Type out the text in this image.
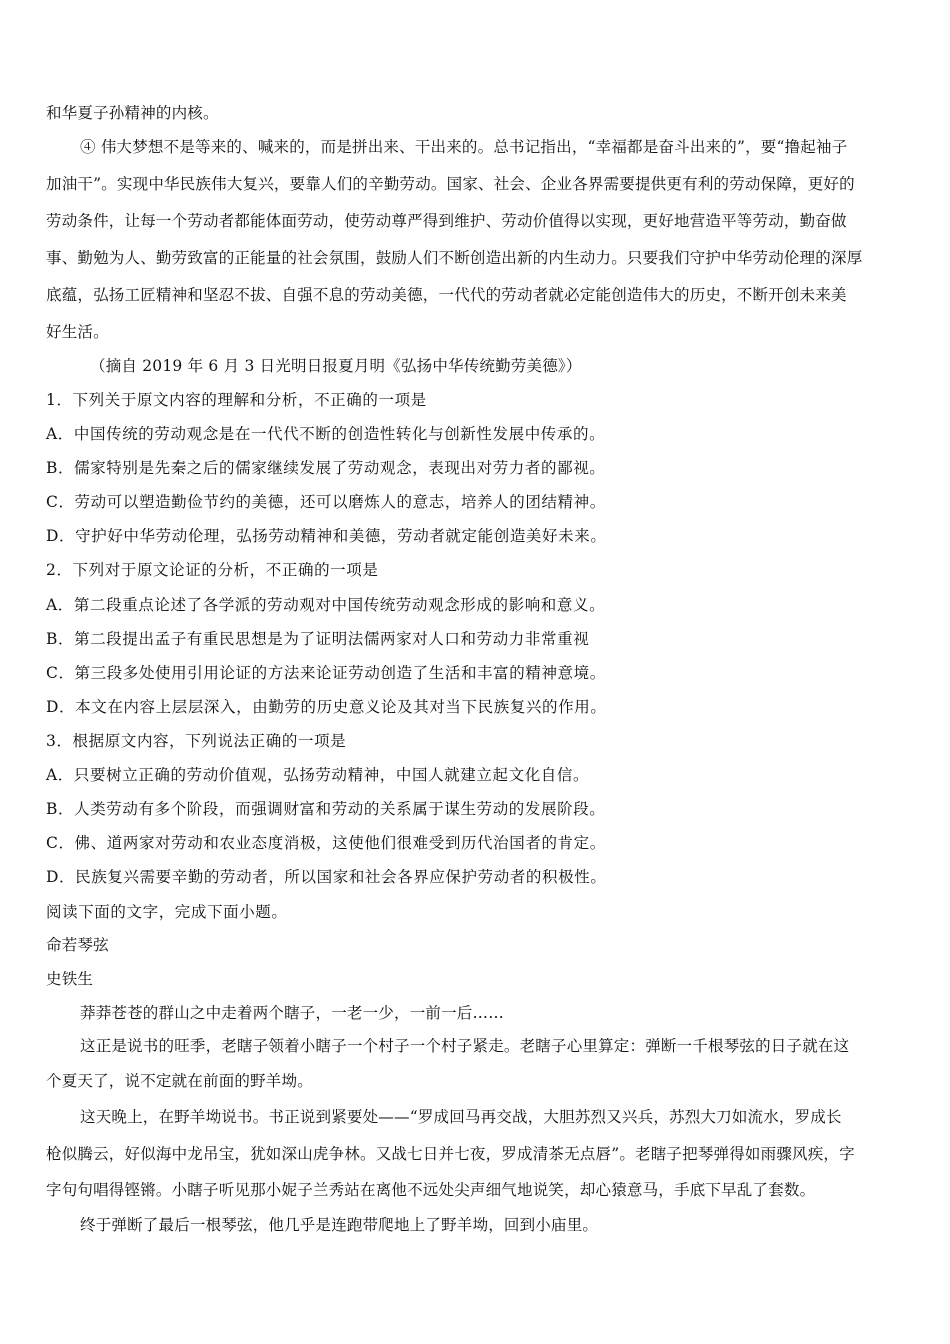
和华夏子孙精神的内核。
④ 伟大梦想不是等来的、喊来的，而是拼出来、干出来的。总书记指出，“幸福都是奋斗出来的”，要“撸起袖子
加油干”。实现中华民族伟大复兴，要靠人们的辛勤劳动。国家、社会、企业各界需要提供更有利的劳动保障，更好的
劳动条件，让每一个劳动者都能体面劳动，使劳动尊严得到维护、劳动价值得以实现，更好地营造平等劳动，勤奋做
事、勤勉为人、勤劳致富的正能量的社会氛围，鼓励人们不断创造出新的内生动力。只要我们守护中华劳动伦理的深厚
底蕴，弘扬工匠精神和坚忍不拔、自强不息的劳动美德，一代代的劳动者就必定能创造伟大的历史，不断开创未来美
好生活。
（摘自 2019 年 6 月 3 日光明日报夏月明《弘扬中华传统勤劳美德》）
1．下列关于原文内容的理解和分析，不正确的一项是
A．中国传统的劳动观念是在一代代不断的创造性转化与创新性发展中传承的。
B．儒家特别是先秦之后的儒家继续发展了劳动观念，表现出对劳力者的鄙视。
C．劳动可以塑造勤俭节约的美德，还可以磨炼人的意志，培养人的团结精神。
D．守护好中华劳动伦理，弘扬劳动精神和美德，劳动者就定能创造美好未来。
2．下列对于原文论证的分析，不正确的一项是
A．第二段重点论述了各学派的劳动观对中国传统劳动观念形成的影响和意义。
B．第二段提出孟子有重民思想是为了证明法儒两家对人口和劳动力非常重视
C．第三段多处使用引用论证的方法来论证劳动创造了生活和丰富的精神意境。
D．本文在内容上层层深入，由勤劳的历史意义论及其对当下民族复兴的作用。
3．根据原文内容，下列说法正确的一项是
A．只要树立正确的劳动价值观，弘扬劳动精神，中国人就建立起文化自信。
B．人类劳动有多个阶段，而强调财富和劳动的关系属于谋生劳动的发展阶段。
C．佛、道两家对劳动和农业态度消极，这使他们很难受到历代治国者的肯定。
D．民族复兴需要辛勤的劳动者，所以国家和社会各界应保护劳动者的积极性。
阅读下面的文字，完成下面小题。
命若琴弦
史铁生
莽莽苍苍的群山之中走着两个瞎子，一老一少，一前一后……
这正是说书的旺季，老瞎子领着小瞎子一个村子一个村子紧走。老瞎子心里算定：弹断一千根琴弦的日子就在这
个夏天了，说不定就在前面的野羊坳。
这天晚上，在野羊坳说书。书正说到紧要处——“罗成回马再交战，大胆苏烈又兴兵，苏烈大刀如流水，罗成长
枪似腾云，好似海中龙吊宝，犹如深山虎争林。又战七日并七夜，罗成清茶无点唇”。老瞎子把琴弹得如雨骤风疾，字
字句句唱得铿锵。小瞎子听见那小妮子兰秀站在离他不远处尖声细气地说笑，却心猿意马，手底下早乱了套数。
终于弹断了最后一根琴弦，他几乎是连跑带爬地上了野羊坳，回到小庙里。
